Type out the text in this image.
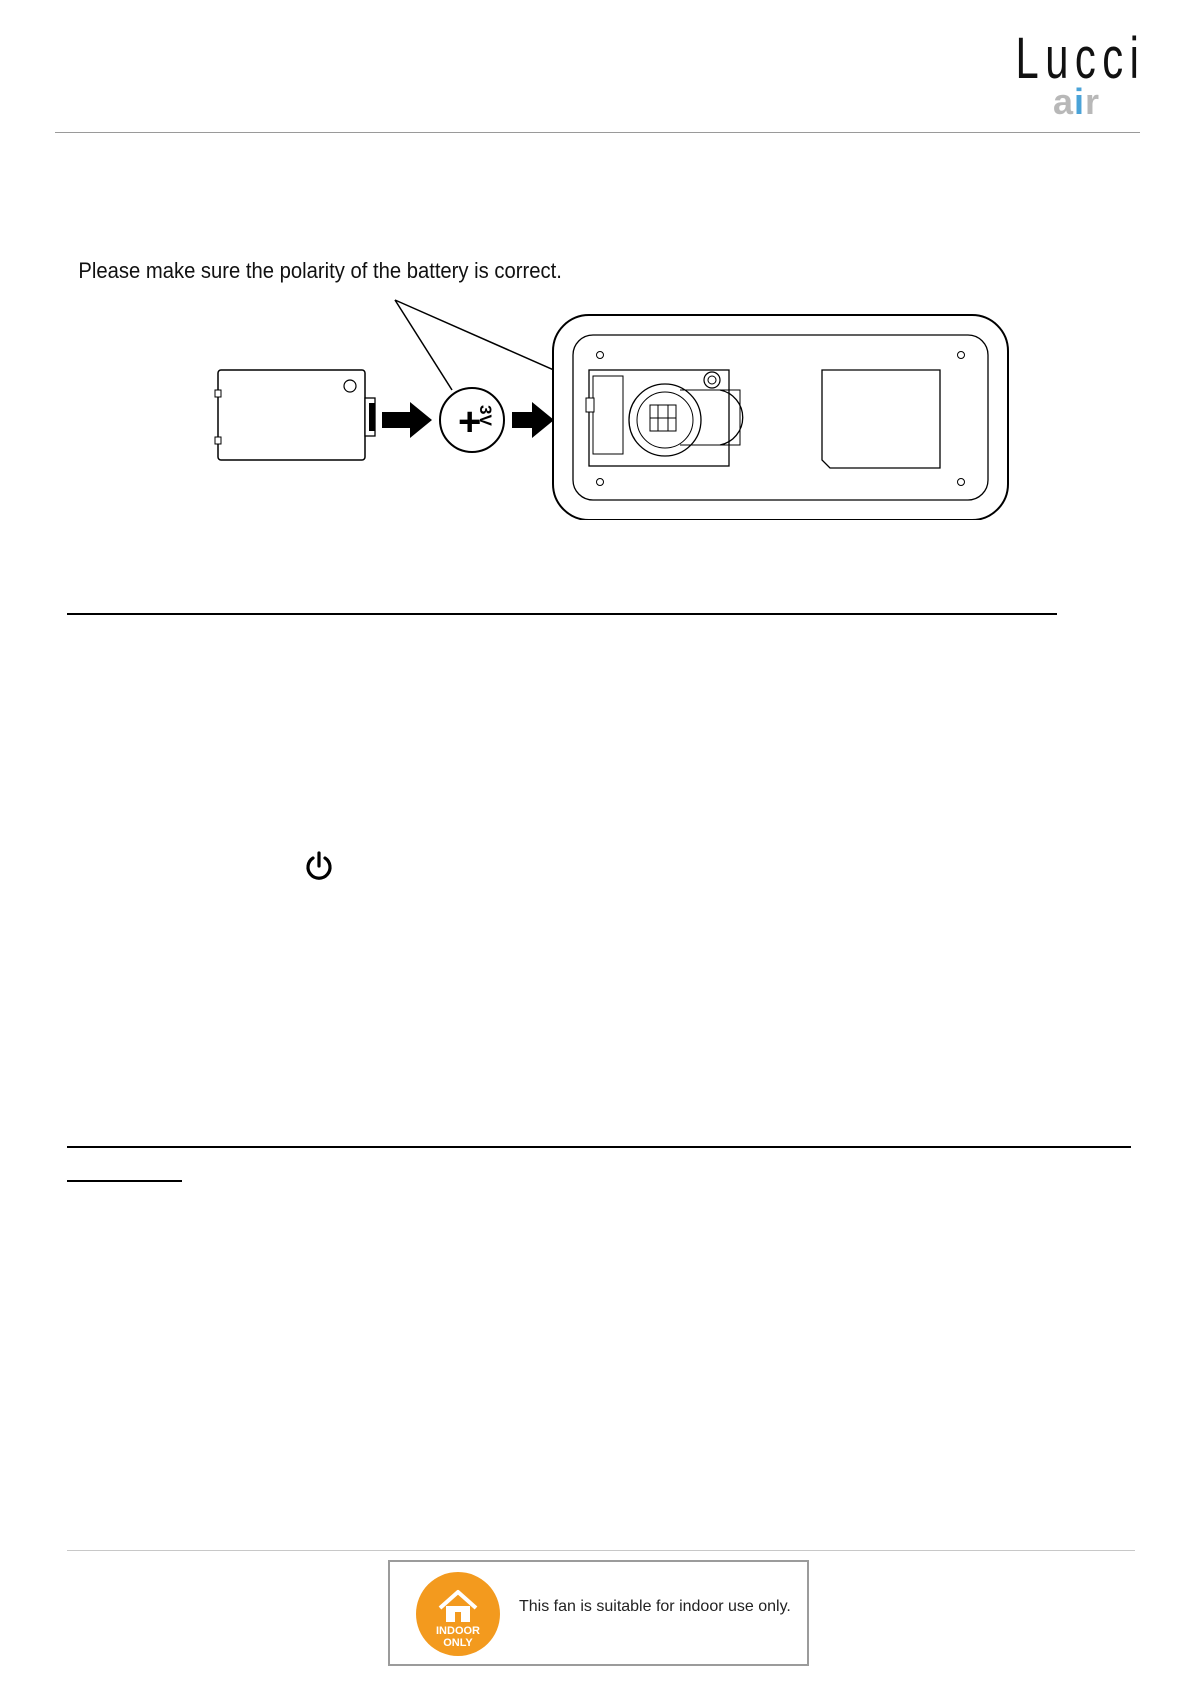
Lucci
air
Please make sure the polarity of the battery is correct.
+
3V
INDOOR
ONLY
This fan is suitable for indoor use only.
